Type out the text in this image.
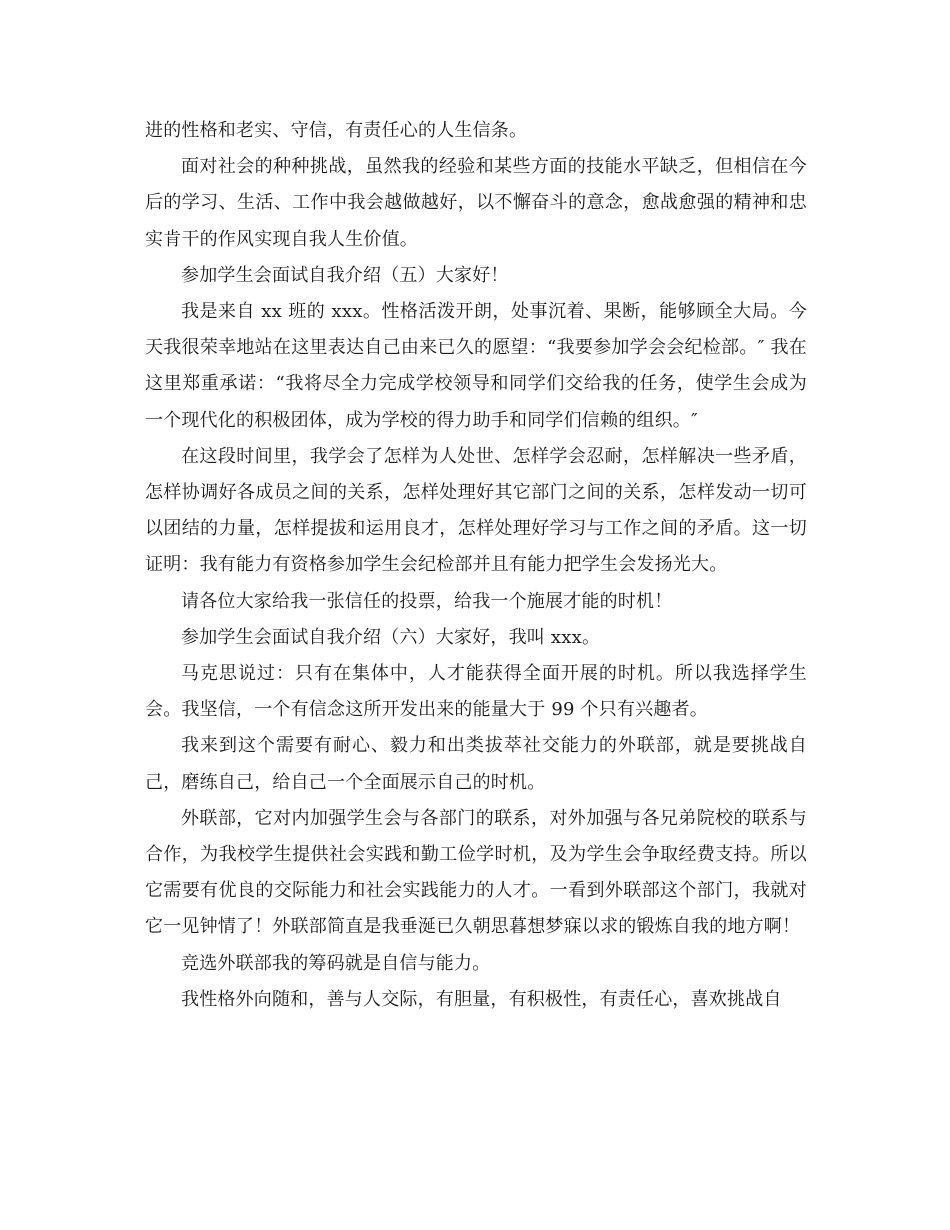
进的性格和老实、守信，有责任心的人生信条。

面对社会的种种挑战，虽然我的经验和某些方面的技能水平缺乏，但相信在今后的学习、生活、工作中我会越做越好，以不懈奋斗的意念，愈战愈强的精神和忠实肯干的作风实现自我人生价值。

参加学生会面试自我介绍（五）大家好！

我是来自 xx 班的 xxx。性格活泼开朗，处事沉着、果断，能够顾全大局。今天我很荣幸地站在这里表达自己由来已久的愿望：“我要参加学会会纪检部。″ 我在这里郑重承诺：“我将尽全力完成学校领导和同学们交给我的任务，使学生会成为一个现代化的积极团体，成为学校的得力助手和同学们信赖的组织。″

在这段时间里，我学会了怎样为人处世、怎样学会忍耐，怎样解决一些矛盾，怎样协调好各成员之间的关系，怎样处理好其它部门之间的关系，怎样发动一切可以团结的力量，怎样提拔和运用良才，怎样处理好学习与工作之间的矛盾。这一切证明：我有能力有资格参加学生会纪检部并且有能力把学生会发扬光大。

请各位大家给我一张信任的投票，给我一个施展才能的时机！

参加学生会面试自我介绍（六）大家好，我叫 xxx。

马克思说过：只有在集体中，人才能获得全面开展的时机。所以我选择学生会。我坚信，一个有信念这所开发出来的能量大于 99 个只有兴趣者。

我来到这个需要有耐心、毅力和出类拔萃社交能力的外联部，就是要挑战自己，磨练自己，给自己一个全面展示自己的时机。

外联部，它对内加强学生会与各部门的联系，对外加强与各兄弟院校的联系与合作，为我校学生提供社会实践和勤工俭学时机，及为学生会争取经费支持。所以它需要有优良的交际能力和社会实践能力的人才。一看到外联部这个部门，我就对它一见钟情了！外联部简直是我垂涎已久朝思暮想梦寐以求的锻炼自我的地方啊！

竞选外联部我的筹码就是自信与能力。

我性格外向随和，善与人交际，有胆量，有积极性，有责任心，喜欢挑战自
